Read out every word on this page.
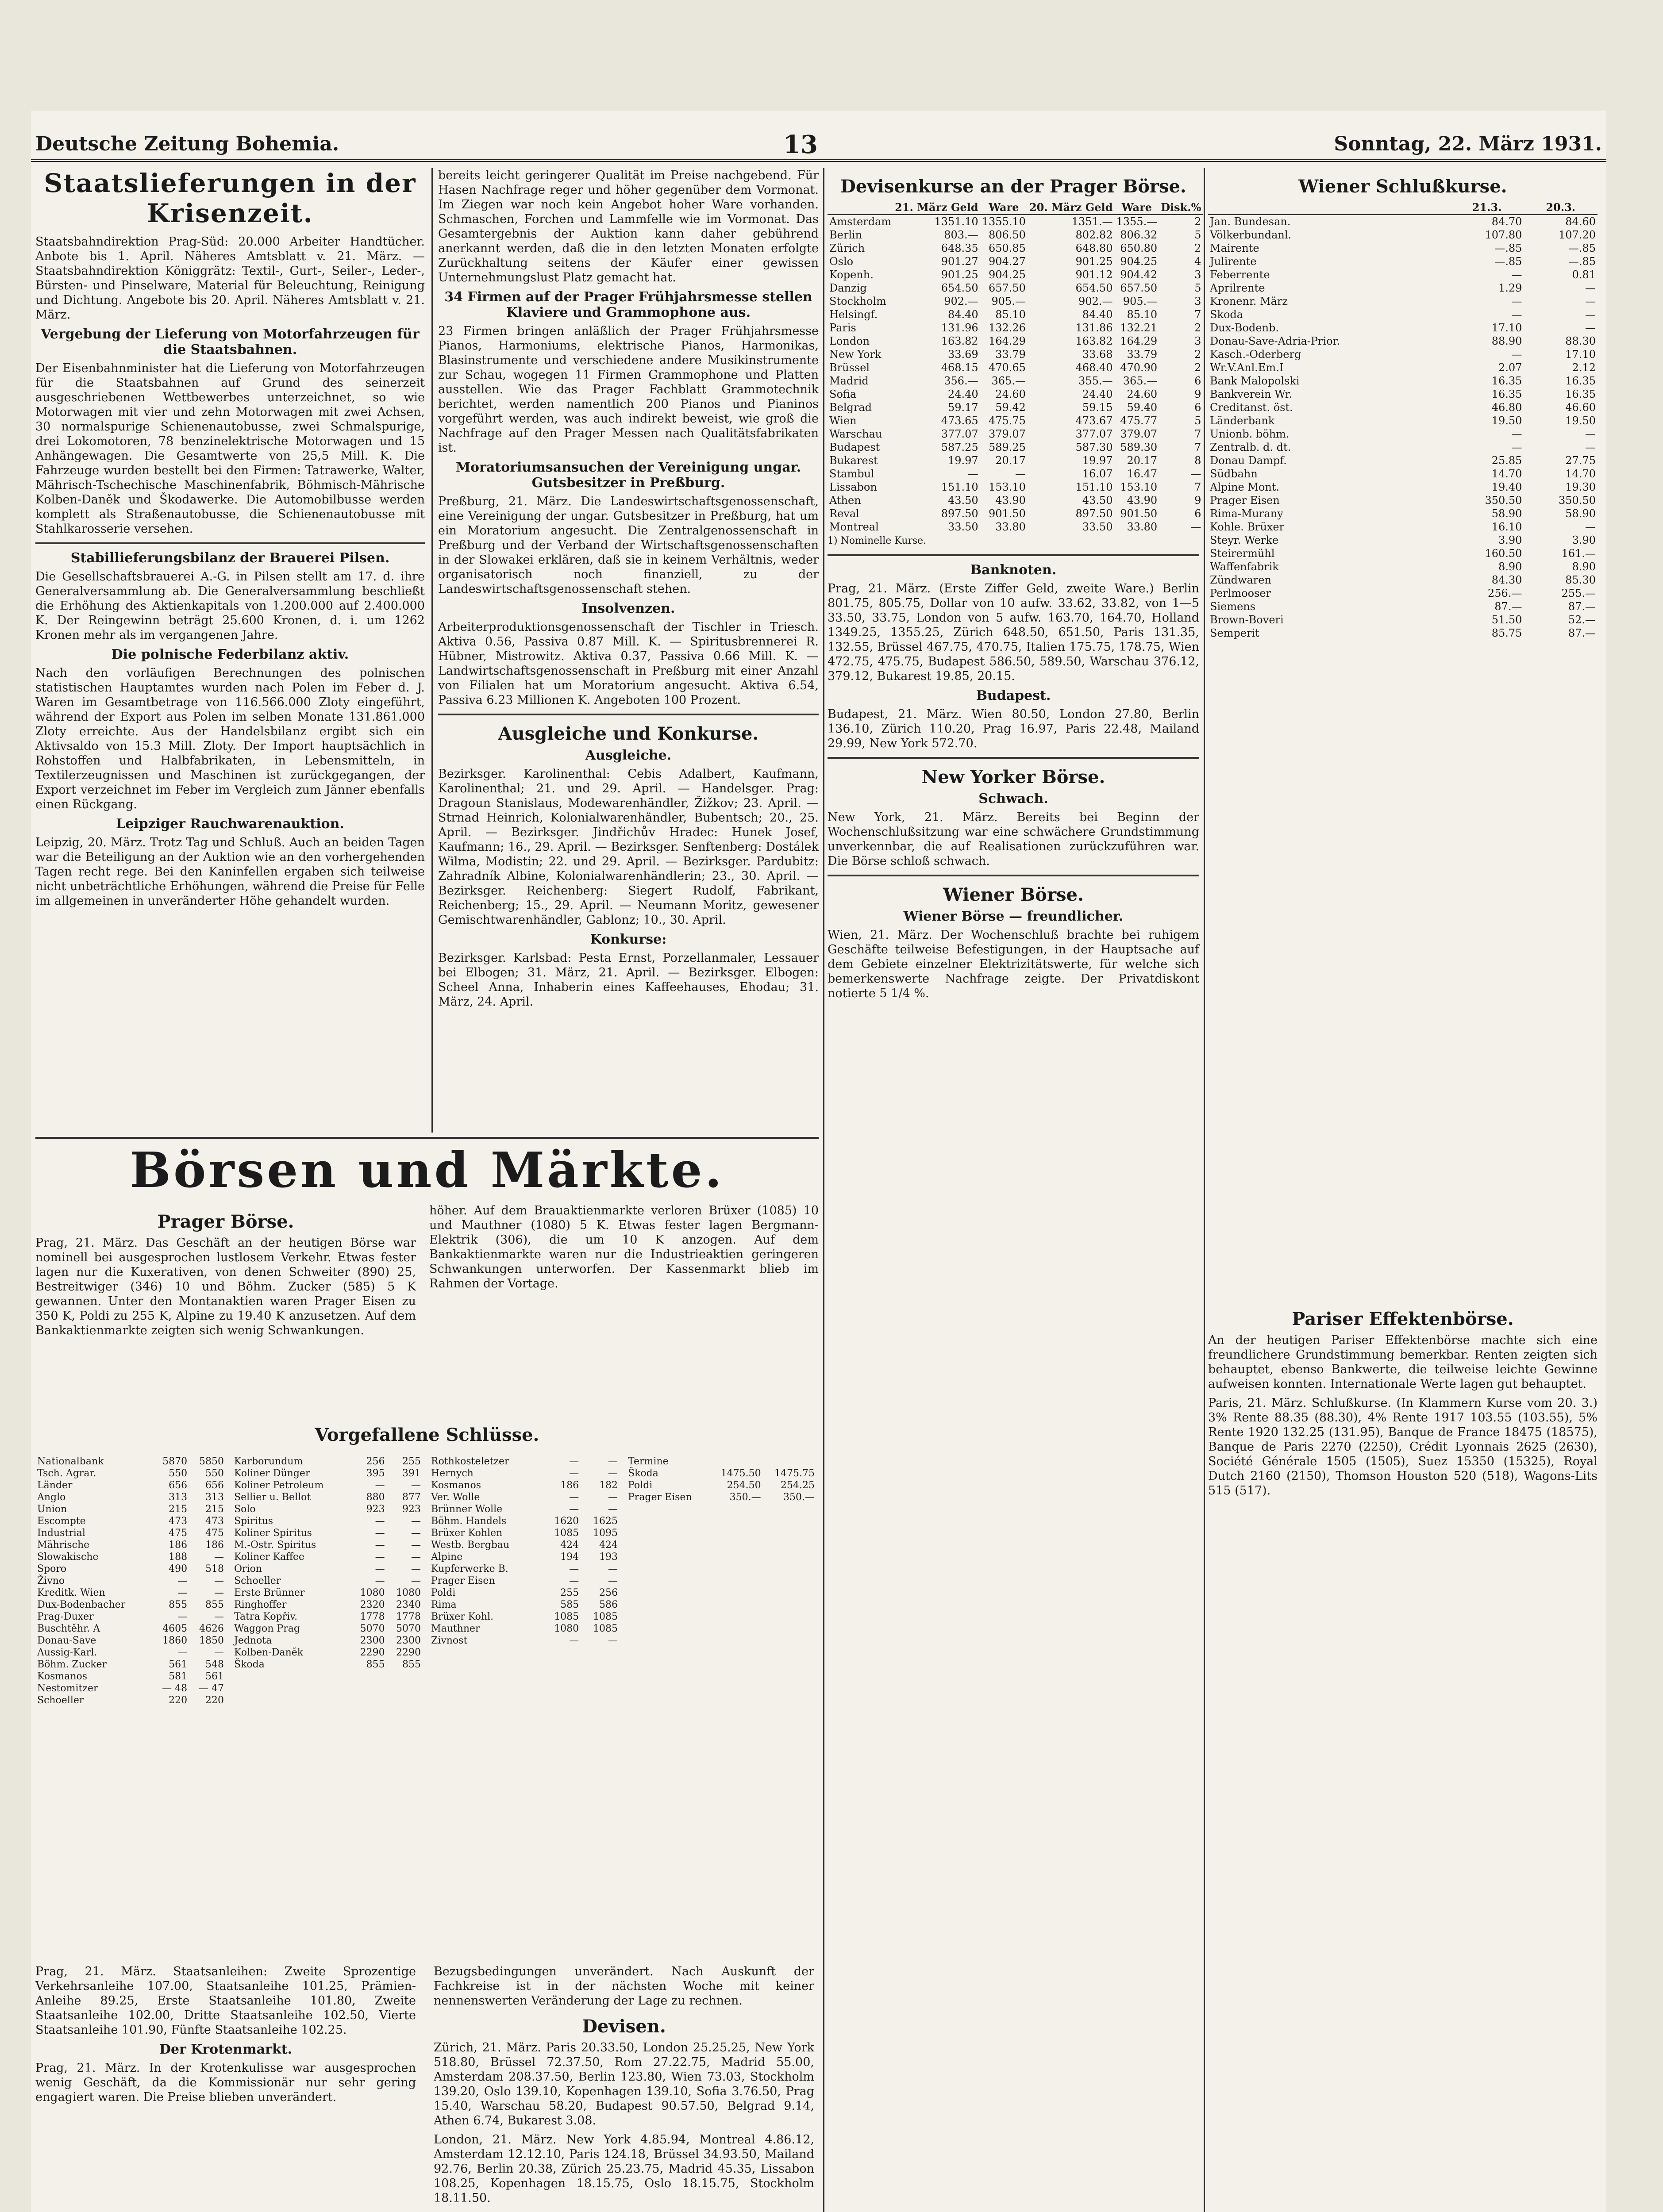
Deutsche Zeitung Bohemia.	13	Sonntag, 22. März 1931.
Staatslieferungen in der Krisenzeit.

Staatsbahndirektion Prag-Süd: 20.000 Arbeiter Handtücher. Anbote bis 1. April. Näheres Amtsblatt v. 21. März. — Staatsbahndirektion Königgrätz: Textil-, Gurt-, Seiler-, Leder-, Bürsten- und Pinselware, Material für Beleuchtung, Reinigung und Dichtung. Angebote bis 20. April. Näheres Amtsblatt v. 21. März.

Vergebung der Lieferung von Motorfahrzeugen für die Staatsbahnen.

Der Eisenbahnminister hat die Lieferung von Motorfahrzeugen für die Staatsbahnen auf Grund des seinerzeit ausgeschriebenen Wettbewerbes unterzeichnet, so wie Motorwagen mit vier und zehn Motorwagen mit zwei Achsen, 30 normalspurige Schienenautobusse, zwei Schmalspurige, drei Lokomotoren, 78 benzinelektrische Motorwagen und 15 Anhängewagen. Die Gesamtwerte von 25,5 Mill. K. Die Fahrzeuge wurden bestellt bei den Firmen: Tatrawerke, Walter, Mährisch-Tschechische Maschinenfabrik, Böhmisch-Mährische Kolben-Daněk und Škodawerke. Die Automobilbusse werden komplett als Straßenautobusse, die Schienenautobusse mit Stahlkarosserie versehen.

Stabillieferungsbilanz der Brauerei Pilsen.

Die Gesellschaftsbrauerei A.-G. in Pilsen stellt am 17. d. ihre Generalversammlung ab. Die Generalversammlung beschließt die Erhöhung des Aktienkapitals von 1.200.000 auf 2.400.000 K. Der Reingewinn beträgt 25.600 Kronen, d. i. um 1262 Kronen mehr als im vergangenen Jahre.

Die polnische Federbilanz aktiv.

Nach den vorläufigen Berechnungen des polnischen statistischen Hauptamtes wurden nach Polen im Feber d. J. Waren im Gesamtbetrage von 116.566.000 Zloty eingeführt, während der Export aus Polen im selben Monate 131.861.000 Zloty erreichte. Aus der Handelsbilanz ergibt sich ein Aktivsaldo von 15.3 Mill. Zloty. Der Import hauptsächlich in Rohstoffen und Halbfabrikaten, in Lebensmitteln, in Textilerzeugnissen und Maschinen ist zurückgegangen, der Export verzeichnet im Feber im Vergleich zum Jänner ebenfalls einen Rückgang.

Leipziger Rauchwarenauktion.

Leipzig, 20. März. Trotz Tag und Schluß. Auch an beiden Tagen war die Beteiligung an der Auktion wie an den vorhergehenden Tagen recht rege. Bei den Kaninfellen ergaben sich teilweise nicht unbeträchtliche Erhöhungen, während die Preise für Felle im allgemeinen in unveränderter Höhe gehandelt wurden.

bereits leicht geringerer Qualität im Preise nachgebend. Für Hasen Nachfrage reger und höher gegenüber dem Vormonat. Im Ziegen war noch kein Angebot hoher Ware vorhanden. Schmaschen, Forchen und Lammfelle wie im Vormonat. Das Gesamtergebnis der Auktion kann daher gebührend anerkannt werden, daß die in den letzten Monaten erfolgte Zurückhaltung seitens der Käufer einer gewissen Unternehmungslust Platz gemacht hat.

34 Firmen auf der Prager Frühjahrsmesse stellen Klaviere und Grammophone aus.

23 Firmen bringen anläßlich der Prager Frühjahrsmesse Pianos, Harmoniums, elektrische Pianos, Harmonikas, Blasinstrumente und verschiedene andere Musikinstrumente zur Schau, wogegen 11 Firmen Grammophone und Platten ausstellen. Wie das Prager Fachblatt Grammotechnik berichtet, werden namentlich 200 Pianos und Pianinos vorgeführt werden, was auch indirekt beweist, wie groß die Nachfrage auf den Prager Messen nach Qualitätsfabrikaten ist.

Moratoriumsansuchen der Vereinigung ungar. Gutsbesitzer in Preßburg.

Preßburg, 21. März. Die Landeswirtschaftsgenossenschaft, eine Vereinigung der ungar. Gutsbesitzer in Preßburg, hat um ein Moratorium angesucht. Die Zentralgenossenschaft in Preßburg und der Verband der Wirtschaftsgenossenschaften in der Slowakei erklären, daß sie in keinem Verhältnis, weder organisatorisch noch finanziell, zu der Landeswirtschaftsgenossenschaft stehen.

Insolvenzen.

Arbeiterproduktionsgenossenschaft der Tischler in Triesch. Aktiva 0.56, Passiva 0.87 Mill. K. — Spiritusbrennerei R. Hübner, Mistrowitz. Aktiva 0.37, Passiva 0.66 Mill. K. — Landwirtschaftsgenossenschaft in Preßburg mit einer Anzahl von Filialen hat um Moratorium angesucht. Aktiva 6.54, Passiva 6.23 Millionen K. Angeboten 100 Prozent.

Ausgleiche und Konkurse.
Ausgleiche.

Bezirksger. Karolinenthal: Cebis Adalbert, Kaufmann, Karolinenthal; 21. und 29. April. — Handelsger. Prag: Dragoun Stanislaus, Modewarenhändler, Žižkov; 23. April. — Strnad Heinrich, Kolonialwarenhändler, Bubentsch; 20., 25. April. — Bezirksger. Jindřichův Hradec: Hunek Josef, Kaufmann; 16., 29. April. — Bezirksger. Senftenberg: Dostálek Wilma, Modistin; 22. und 29. April. — Bezirksger. Pardubitz: Zahradník Albine, Kolonialwarenhändlerin; 23., 30. April. — Bezirksger. Reichenberg: Siegert Rudolf, Fabrikant, Reichenberg; 15., 29. April. — Neumann Moritz, gewesener Gemischtwarenhändler, Gablonz; 10., 30. April.

Konkurse:

Bezirksger. Karlsbad: Pesta Ernst, Porzellanmaler, Lessauer bei Elbogen; 31. März, 21. April. — Bezirksger. Elbogen: Scheel Anna, Inhaberin eines Kaffeehauses, Ehodau; 31. März, 24. April.

Devisenkurse an der Prager Börse.
	21. März Geld	Ware	20. März Geld	Ware	Disk.%
Amsterdam	1351.10	1355.10	1351.—	1355.—	2
Berlin	803.—	806.50	802.82	806.32	5
Zürich	648.35	650.85	648.80	650.80	2
Oslo	901.27	904.27	901.25	904.25	4
Kopenh.	901.25	904.25	901.12	904.42	3
Danzig	654.50	657.50	654.50	657.50	5
Stockholm	902.—	905.—	902.—	905.—	3
Helsingf.	84.40	85.10	84.40	85.10	7
Paris	131.96	132.26	131.86	132.21	2
London	163.82	164.29	163.82	164.29	3
New York	33.69	33.79	33.68	33.79	2
Brüssel	468.15	470.65	468.40	470.90	2
Madrid	356.—	365.—	355.—	365.—	6
Sofia	24.40	24.60	24.40	24.60	9
Belgrad	59.17	59.42	59.15	59.40	6
Wien	473.65	475.75	473.67	475.77	5
Warschau	377.07	379.07	377.07	379.07	7
Budapest	587.25	589.25	587.30	589.30	7
Bukarest	19.97	20.17	19.97	20.17	8
Stambul	—	—	16.07	16.47	—
Lissabon	151.10	153.10	151.10	153.10	7
Athen	43.50	43.90	43.50	43.90	9
Reval	897.50	901.50	897.50	901.50	6
Montreal	33.50	33.80	33.50	33.80	—

1) Nominelle Kurse.

Banknoten.

Prag, 21. März. (Erste Ziffer Geld, zweite Ware.) Berlin 801.75, 805.75, Dollar von 10 aufw. 33.62, 33.82, von 1—5 33.50, 33.75, London von 5 aufw. 163.70, 164.70, Holland 1349.25, 1355.25, Zürich 648.50, 651.50, Paris 131.35, 132.55, Brüssel 467.75, 470.75, Italien 175.75, 178.75, Wien 472.75, 475.75, Budapest 586.50, 589.50, Warschau 376.12, 379.12, Bukarest 19.85, 20.15.

Budapest.

Budapest, 21. März. Wien 80.50, London 27.80, Berlin 136.10, Zürich 110.20, Prag 16.97, Paris 22.48, Mailand 29.99, New York 572.70.

New Yorker Börse.
Schwach.

New York, 21. März. Bereits bei Beginn der Wochenschlußsitzung war eine schwächere Grundstimmung unverkennbar, die auf Realisationen zurückzuführen war. Die Börse schloß schwach.

Wiener Börse.
Wiener Börse — freundlicher.

Wien, 21. März. Der Wochenschluß brachte bei ruhigem Geschäfte teilweise Befestigungen, in der Hauptsache auf dem Gebiete einzelner Elektrizitätswerte, für welche sich bemerkenswerte Nachfrage zeigte. Der Privatdiskont notierte 5 1/4 %.

Wiener Schlußkurse.
	21.3.	20.3.
Jan. Bundesan.	84.70	84.60
Völkerbundanl.	107.80	107.20
Mairente	—.85	—.85
Julirente	—.85	—.85
Feberrente	—	0.81
Aprilrente	1.29	—
Kronenr. März	—	—
Skoda	—	—
Dux-Bodenb.	17.10	—
Donau-Save-Adria-Prior.	88.90	88.30
Kasch.-Oderberg	—	17.10
Wr.V.Anl.Em.I	2.07	2.12
Bank Malopolski	16.35	16.35
Bankverein Wr.	16.35	16.35
Creditanst. öst.	46.80	46.60
Länderbank	19.50	19.50
Unionb. böhm.	—	—
Zentralb. d. dt.	—	—
Donau Dampf.	25.85	27.75
Südbahn	14.70	14.70
Alpine Mont.	19.40	19.30
Prager Eisen	350.50	350.50
Rima-Murany	58.90	58.90
Kohle. Brüxer	16.10	—
Steyr. Werke	3.90	3.90
Steirermühl	160.50	161.—
Waffenfabrik	8.90	8.90
Zündwaren	84.30	85.30
Perlmooser	256.—	255.—
Siemens	87.—	87.—
Brown-Boveri	51.50	52.—
Semperit	85.75	87.—
Pariser Effektenbörse.

An der heutigen Pariser Effektenbörse machte sich eine freundlichere Grundstimmung bemerkbar. Renten zeigten sich behauptet, ebenso Bankwerte, die teilweise leichte Gewinne aufweisen konnten. Internationale Werte lagen gut behauptet.

Paris, 21. März. Schlußkurse. (In Klammern Kurse vom 20. 3.) 3% Rente 88.35 (88.30), 4% Rente 1917 103.55 (103.55), 5% Rente 1920 132.25 (131.95), Banque de France 18475 (18575), Banque de Paris 2270 (2250), Crédit Lyonnais 2625 (2630), Société Générale 1505 (1505), Suez 15350 (15325), Royal Dutch 2160 (2150), Thomson Houston 520 (518), Wagons-Lits 515 (517).

Börsen und Märkte.
Prager Börse.

Prag, 21. März. Das Geschäft an der heutigen Börse war nominell bei ausgesprochen lustlosem Verkehr. Etwas fester lagen nur die Kuxerativen, von denen Schweiter (890) 25, Bestreitwiger (346) 10 und Böhm. Zucker (585) 5 K gewannen. Unter den Montanaktien waren Prager Eisen zu 350 K, Poldi zu 255 K, Alpine zu 19.40 K anzusetzen. Auf dem Bankaktienmarkte zeigten sich wenig Schwankungen.

höher. Auf dem Brauaktienmarkte verloren Brüxer (1085) 10 und Mauthner (1080) 5 K. Etwas fester lagen Bergmann-Elektrik (306), die um 10 K anzogen. Auf dem Bankaktienmarkte waren nur die Industrieaktien geringeren Schwankungen unterworfen. Der Kassenmarkt blieb im Rahmen der Vortage.

Vorgefallene Schlüsse.
Nationalbank	5870	5850
Tsch. Agrar.	550	550
Länder	656	656
Anglo	313	313
Union	215	215
Escompte	473	473
Industrial	475	475
Mährische	186	186
Slowakische	188	—
Sporo	490	518
Živno	—	—
Kreditk. Wien	—	—
Dux-Bodenbacher	855	855
Prag-Duxer	—	—
Buschtěhr. A	4605	4626
Donau-Save	1860	1850
Aussig-Karl.	—	—
Böhm. Zucker	561	548
Kosmanos	581	561
Nestomitzer	— 48	— 47
Schoeller	220	220
Karborundum	256	255
Koliner Dünger	395	391
Koliner Petroleum	—	—
Sellier u. Bellot	880	877
Solo	923	923
Spiritus	—	—
Koliner Spiritus	—	—
M.-Ostr. Spiritus	—	—
Koliner Kaffee	—	—
Orion	—	—
Schoeller	—	—
Erste Brünner	1080	1080
Ringhoffer	2320	2340
Tatra Kopřiv.	1778	1778
Waggon Prag	5070	5070
Jednota	2300	2300
Kolben-Daněk	2290	2290
Škoda	855	855
Rothkosteletzer	—	—
Hernych	—	—
Kosmanos	186	182
Ver. Wolle	—	—
Brünner Wolle	—	—
Böhm. Handels	1620	1625
Brüxer Kohlen	1085	1095
Westb. Bergbau	424	424
Alpine	194	193
Kupferwerke B.	—	—
Prager Eisen	—	—
Poldi	255	256
Rima	585	586
Brüxer Kohl.	1085	1085
Mauthner	1080	1085
Zivnost	—	—
Termine		
Škoda	1475.50	1475.75
Poldi	254.50	254.25
Prager Eisen	350.—	350.—

Prag, 21. März. Staatsanleihen: Zweite Sprozentige Verkehrsanleihe 107.00, Staatsanleihe 101.25, Prämien-Anleihe 89.25, Erste Staatsanleihe 101.80, Zweite Staatsanleihe 102.00, Dritte Staatsanleihe 102.50, Vierte Staatsanleihe 101.90, Fünfte Staatsanleihe 102.25.

Der Krotenmarkt.

Prag, 21. März. In der Krotenkulisse war ausgesprochen wenig Geschäft, da die Kommissionär nur sehr gering engagiert waren. Die Preise blieben unverändert.

Bezugsbedingungen unverändert. Nach Auskunft der Fachkreise ist in der nächsten Woche mit keiner nennenswerten Veränderung der Lage zu rechnen.

Devisen.

Zürich, 21. März. Paris 20.33.50, London 25.25.25, New York 518.80, Brüssel 72.37.50, Rom 27.22.75, Madrid 55.00, Amsterdam 208.37.50, Berlin 123.80, Wien 73.03, Stockholm 139.20, Oslo 139.10, Kopenhagen 139.10, Sofia 3.76.50, Prag 15.40, Warschau 58.20, Budapest 90.57.50, Belgrad 9.14, Athen 6.74, Bukarest 3.08.

London, 21. März. New York 4.85.94, Montreal 4.86.12, Amsterdam 12.12.10, Paris 124.18, Brüssel 34.93.50, Mailand 92.76, Berlin 20.38, Zürich 25.23.75, Madrid 45.35, Lissabon 108.25, Kopenhagen 18.15.75, Oslo 18.15.75, Stockholm 18.11.50.
